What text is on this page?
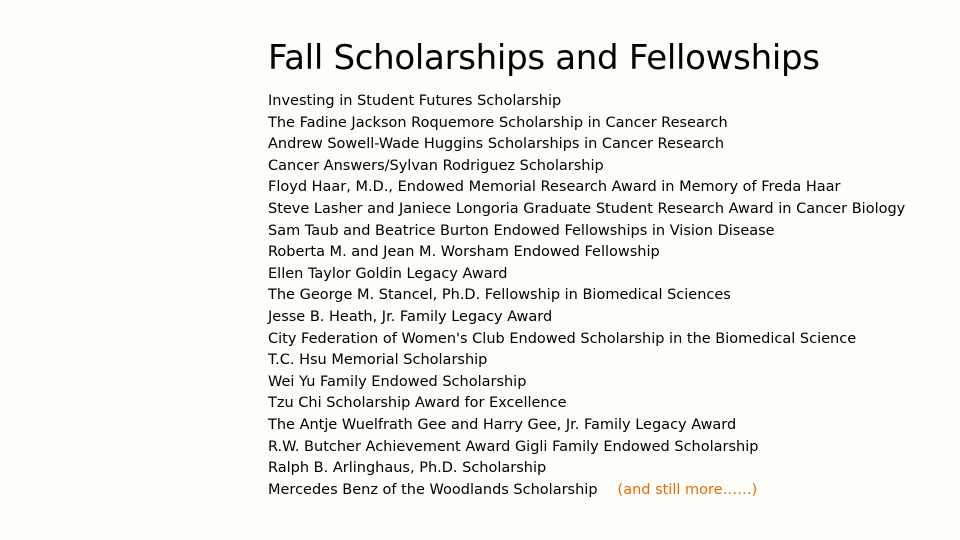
Fall Scholarships and Fellowships
Investing in Student Futures Scholarship
The Fadine Jackson Roquemore Scholarship in Cancer Research
Andrew Sowell-Wade Huggins Scholarships in Cancer Research
Cancer Answers/Sylvan Rodriguez Scholarship
Floyd Haar, M.D., Endowed Memorial Research Award in Memory of Freda Haar
Steve Lasher and Janiece Longoria Graduate Student Research Award in Cancer Biology
Sam Taub and Beatrice Burton Endowed Fellowships in Vision Disease
Roberta M. and Jean M. Worsham Endowed Fellowship
Ellen Taylor Goldin Legacy Award
The George M. Stancel, Ph.D. Fellowship in Biomedical Sciences
Jesse B. Heath, Jr. Family Legacy Award
City Federation of Women's Club Endowed Scholarship in the Biomedical Science
T.C. Hsu Memorial Scholarship
Wei Yu Family Endowed Scholarship
Tzu Chi Scholarship Award for Excellence
The Antje Wuelfrath Gee and Harry Gee, Jr. Family Legacy Award
R.W. Butcher Achievement Award Gigli Family Endowed Scholarship
Ralph B. Arlinghaus, Ph.D. Scholarship
Mercedes Benz of the Woodlands Scholarship (and still more……)
